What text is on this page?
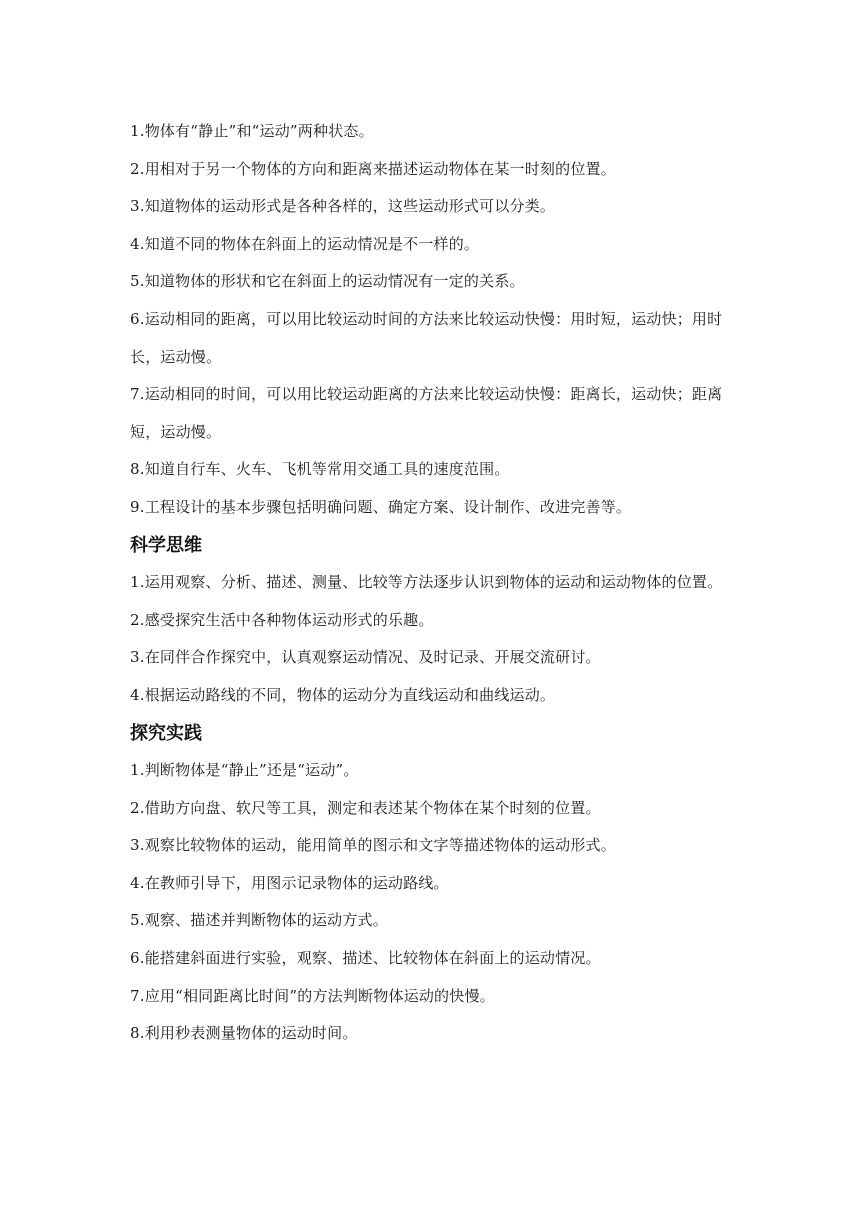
1.物体有“静止”和“运动”两种状态。

2.用相对于另一个物体的方向和距离来描述运动物体在某一时刻的位置。

3.知道物体的运动形式是各种各样的，这些运动形式可以分类。

4.知道不同的物体在斜面上的运动情况是不一样的。

5.知道物体的形状和它在斜面上的运动情况有一定的关系。

6.运动相同的距离，可以用比较运动时间的方法来比较运动快慢：用时短，运动快；用时长，运动慢。

7.运动相同的时间，可以用比较运动距离的方法来比较运动快慢：距离长，运动快；距离短，运动慢。

8.知道自行车、火车、飞机等常用交通工具的速度范围。

9.工程设计的基本步骤包括明确问题、确定方案、设计制作、改进完善等。

科学思维

1.运用观察、分析、描述、测量、比较等方法逐步认识到物体的运动和运动物体的位置。

2.感受探究生活中各种物体运动形式的乐趣。

3.在同伴合作探究中，认真观察运动情况、及时记录、开展交流研讨。

4.根据运动路线的不同，物体的运动分为直线运动和曲线运动。

探究实践

1.判断物体是“静止”还是“运动”。

2.借助方向盘、软尺等工具，测定和表述某个物体在某个时刻的位置。

3.观察比较物体的运动，能用简单的图示和文字等描述物体的运动形式。

4.在教师引导下，用图示记录物体的运动路线。

5.观察、描述并判断物体的运动方式。

6.能搭建斜面进行实验，观察、描述、比较物体在斜面上的运动情况。

7.应用“相同距离比时间”的方法判断物体运动的快慢。

8.利用秒表测量物体的运动时间。
